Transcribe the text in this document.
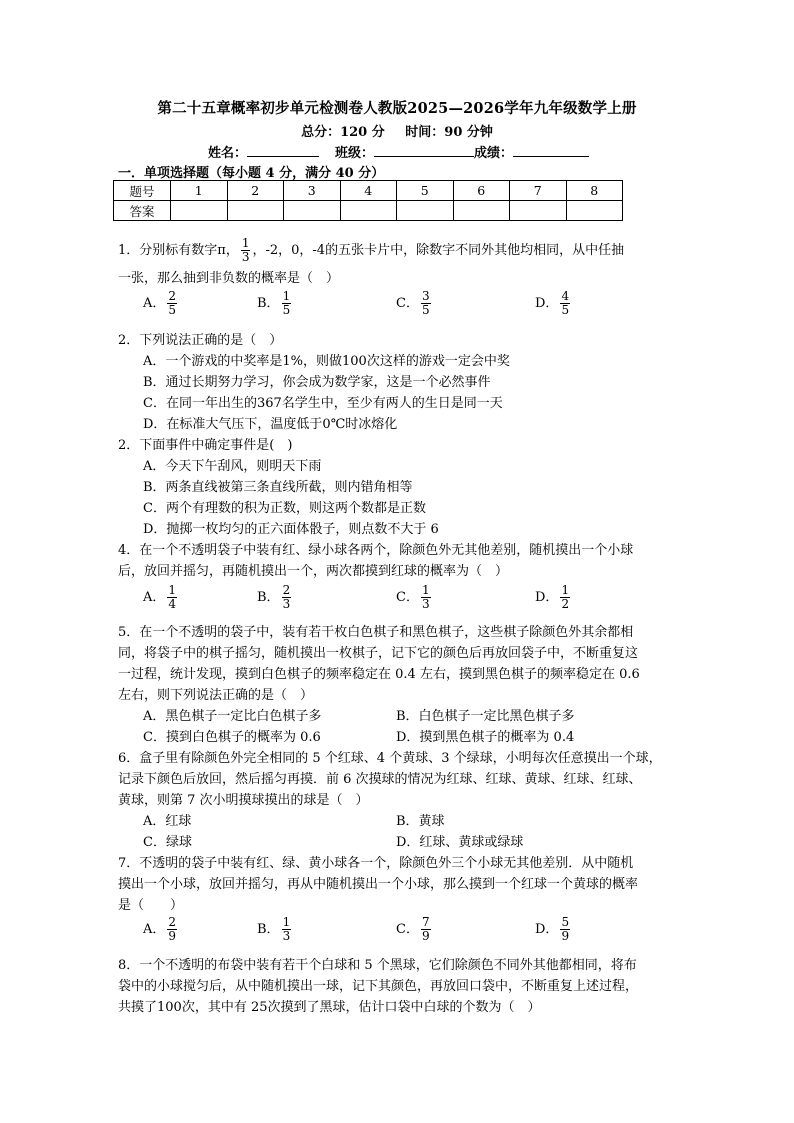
第二十五章概率初步单元检测卷人教版2025—2026学年九年级数学上册
总分：120 分 时间：90 分钟
姓名：	班级：	成绩：
一．单项选择题（每小题 4 分，满分 40 分）
题号	1	2	3	4	5	6	7	8
答案								
1．分别标有数字π， $\frac{1}{3}$ ，-2，0，-4的五张卡片中，除数字不同外其他均相同，从中任抽
一张，那么抽到非负数的概率是（　）
A． $\frac{2}{5}$	B． $\frac{1}{5}$	C． $\frac{3}{5}$	D． $\frac{4}{5}$
2．下列说法正确的是（　）
A．一个游戏的中奖率是1%，则做100次这样的游戏一定会中奖
B．通过长期努力学习，你会成为数学家，这是一个必然事件
C．在同一年出生的367名学生中，至少有两人的生日是同一天
D．在标准大气压下，温度低于0℃时冰熔化
2．下面事件中确定事件是(　)
A．今天下午刮风，则明天下雨
B．两条直线被第三条直线所截，则内错角相等
C．两个有理数的积为正数，则这两个数都是正数
D．抛掷一枚均匀的正六面体骰子，则点数不大于 6
4．在一个不透明袋子中装有红、绿小球各两个，除颜色外无其他差别，随机摸出一个小球
后，放回并摇匀，再随机摸出一个，两次都摸到红球的概率为（　）
A． $\frac{1}{4}$	B． $\frac{2}{3}$	C． $\frac{1}{3}$	D． $\frac{1}{2}$
5．在一个不透明的袋子中，装有若干枚白色棋子和黑色棋子，这些棋子除颜色外其余都相
同，将袋子中的棋子摇匀，随机摸出一枚棋子，记下它的颜色后再放回袋子中，不断重复这
一过程，统计发现，摸到白色棋子的频率稳定在 0.4 左右，摸到黑色棋子的频率稳定在 0.6
左右，则下列说法正确的是（　）
A．黑色棋子一定比白色棋子多	B．白色棋子一定比黑色棋子多
C．摸到白色棋子的概率为 0.6	D．摸到黑色棋子的概率为 0.4
6．盒子里有除颜色外完全相同的 5 个红球、4 个黄球、3 个绿球，小明每次任意摸出一个球，
记录下颜色后放回，然后摇匀再摸．前 6 次摸球的情况为红球、红球、黄球、红球、红球、
黄球，则第 7 次小明摸球摸出的球是（　）
A．红球	B．黄球
C．绿球	D．红球、黄球或绿球
7．不透明的袋子中装有红、绿、黄小球各一个，除颜色外三个小球无其他差别．从中随机
摸出一个小球，放回并摇匀，再从中随机摸出一个小球，那么摸到一个红球一个黄球的概率
是（　　）
A． $\frac{2}{9}$	B． $\frac{1}{3}$	C． $\frac{7}{9}$	D． $\frac{5}{9}$
8．一个不透明的布袋中装有若干个白球和 5 个黑球，它们除颜色不同外其他都相同，将布
袋中的小球搅匀后，从中随机摸出一球，记下其颜色，再放回口袋中，不断重复上述过程，
共摸了100次，其中有 25次摸到了黑球，估计口袋中白球的个数为（　）
